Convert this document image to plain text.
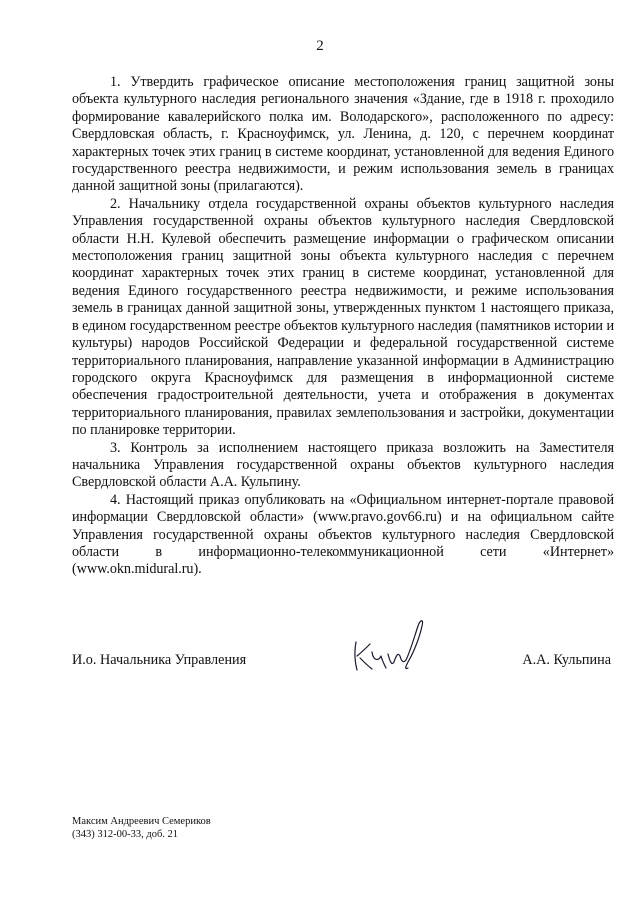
2

1. Утвердить графическое описание местоположения границ защитной зоны объекта культурного наследия регионального значения «Здание, где в 1918 г. проходило формирование кавалерийского полка им. Володарского», расположенного по адресу: Свердловская область, г. Красноуфимск, ул. Ленина, д. 120, с перечнем координат характерных точек этих границ в системе координат, установленной для ведения Единого государственного реестра недвижимости, и режим использования земель в границах данной защитной зоны (прилагаются).

2. Начальнику отдела государственной охраны объектов культурного наследия Управления государственной охраны объектов культурного наследия Свердловской области Н.Н. Кулевой обеспечить размещение информации о графическом описании местоположения границ защитной зоны объекта культурного наследия с перечнем координат характерных точек этих границ в системе координат, установленной для ведения Единого государственного реестра недвижимости, и режиме использования земель в границах данной защитной зоны, утвержденных пунктом 1 настоящего приказа, в едином государственном реестре объектов культурного наследия (памятников истории и культуры) народов Российской Федерации и федеральной государственной системе территориального планирования, направление указанной информации в Администрацию городского округа Красноуфимск для размещения в информационной системе обеспечения градостроительной деятельности, учета и отображения в документах территориального планирования, правилах землепользования и застройки, документации по планировке территории.

3. Контроль за исполнением настоящего приказа возложить на Заместителя начальника Управления государственной охраны объектов культурного наследия Свердловской области А.А. Кульпину.

4. Настоящий приказ опубликовать на «Официальном интернет-портале правовой информации Свердловской области» (www.pravo.gov66.ru) и на официальном сайте Управления государственной охраны объектов культурного наследия Свердловской области в информационно-телекоммуникационной сети «Интернет» (www.okn.midural.ru).

И.о. Начальника Управления	А.А. Кульпина
Максим Андреевич Семериков
(343) 312-00-33, доб. 21
